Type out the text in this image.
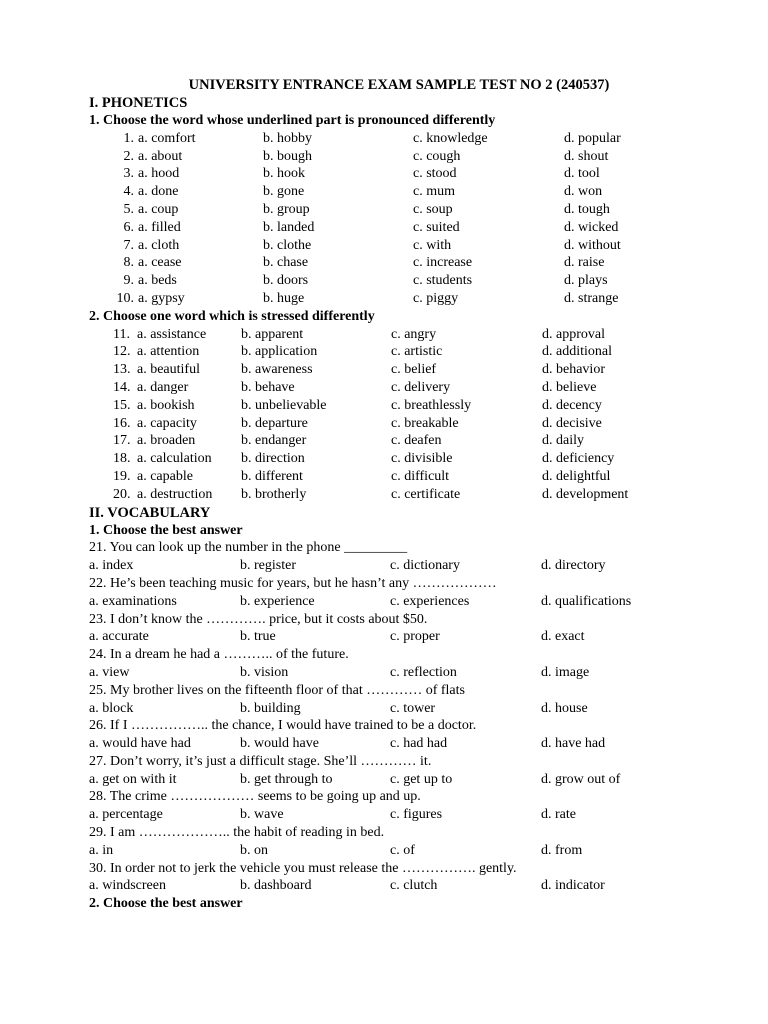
UNIVERSITY ENTRANCE EXAM SAMPLE TEST NO 2 (240537)
I. PHONETICS
1. Choose the word whose underlined part is pronounced differently
1. a. comfort	b. hobby	c. knowledge	d. popular
2. a. about	b. bough	c. cough	d. shout
3. a. hood	b. hook	c. stood	d. tool
4. a. done	b. gone	c. mum	d. won
5. a. coup	b. group	c. soup	d. tough
6. a. filled	b. landed	c. suited	d. wicked
7. a. cloth	b. clothe	c. with	d. without
8. a. cease	b. chase	c. increase	d. raise
9. a. beds	b. doors	c. students	d. plays
10. a. gypsy	b. huge	c. piggy	d. strange
2. Choose one word which is stressed differently
11. a. assistance	b. apparent	c. angry	d. approval
12. a. attention	b. application	c. artistic	d. additional
13. a. beautiful	b. awareness	c. belief	d. behavior
14. a. danger	b. behave	c. delivery	d. believe
15. a. bookish	b. unbelievable	c. breathlessly	d. decency
16. a. capacity	b. departure	c. breakable	d. decisive
17. a. broaden	b. endanger	c. deafen	d. daily
18. a. calculation	b. direction	c. divisible	d. deficiency
19. a. capable	b. different	c. difficult	d. delightful
20. a. destruction	b. brotherly	c. certificate	d. development
II. VOCABULARY
1. Choose the best answer
21. You can look up the number in the phone _________
a. index	b. register	c. dictionary	d. directory
22. He’s been teaching music for years, but he hasn’t any ………………
a. examinations	b. experience	c. experiences	d. qualifications
23. I don’t know the …………. price, but it costs about $50.
a. accurate	b. true	c. proper	d. exact
24. In a dream he had a ……….. of the future.
a. view	b. vision	c. reflection	d. image
25. My brother lives on the fifteenth floor of that ………… of flats
a. block	b. building	c. tower	d. house
26. If I …………….. the chance, I would have trained to be a doctor.
a. would have had	b. would have	c. had had	d. have had
27. Don’t worry, it’s just a difficult stage. She’ll ………… it.
a. get on with it	b. get through to	c. get up to	d. grow out of
28. The crime ……………… seems to be going up and up.
a. percentage	b. wave	c. figures	d. rate
29. I am ……………….. the habit of reading in bed.
a. in	b. on	c. of	d. from
30. In order not to jerk the vehicle you must release the ……………. gently.
a. windscreen	b. dashboard	c. clutch	d. indicator
2. Choose the best answer
